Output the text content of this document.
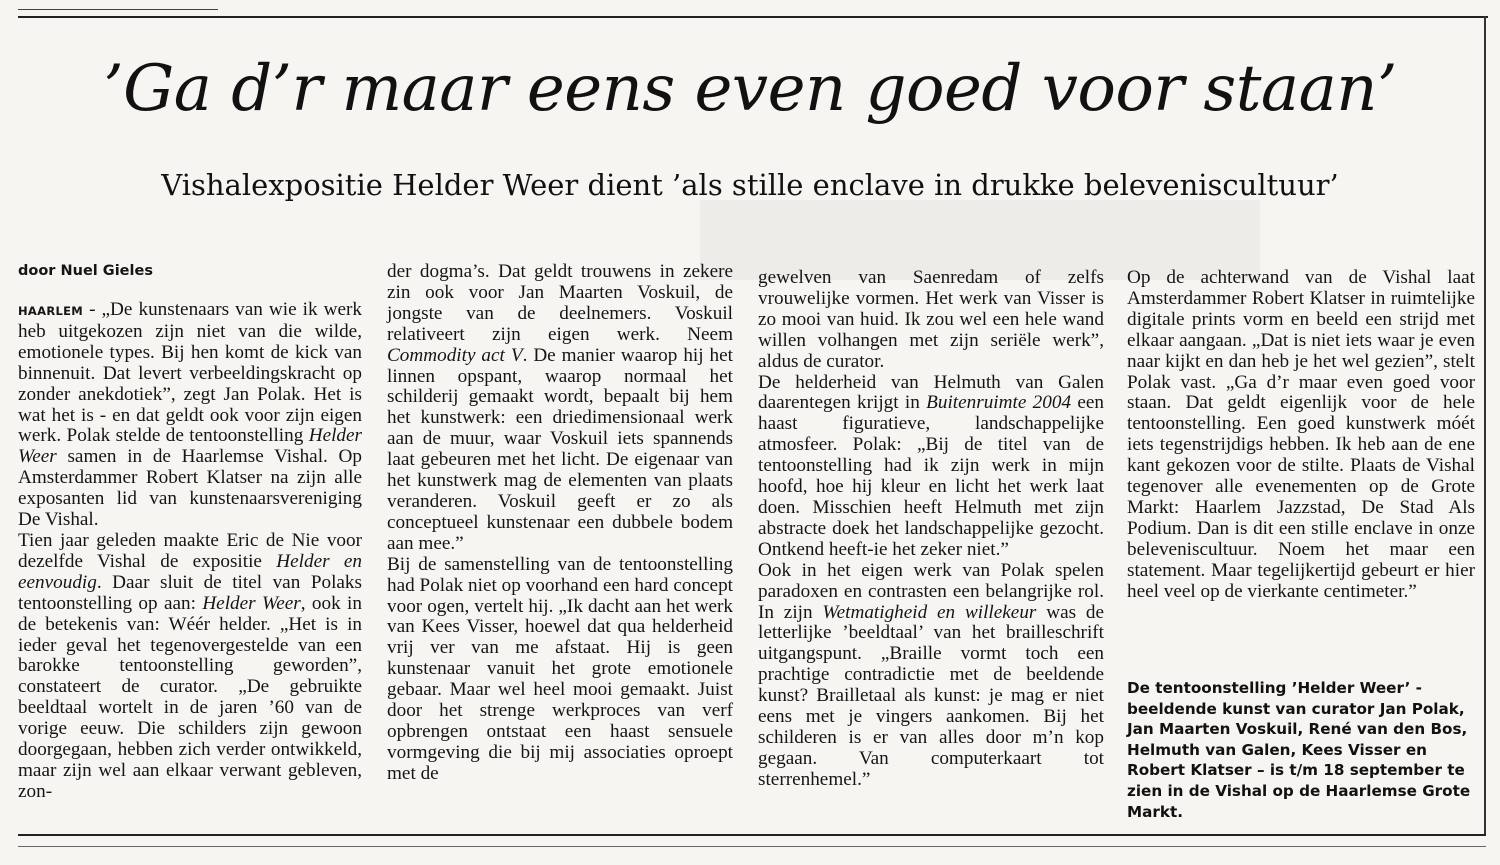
’Ga d’r maar eens even goed voor staan’
Vishalexpositie Helder Weer dient ’als stille enclave in drukke beleveniscultuur’
door Nuel Gieles

HAARLEM - „De kunstenaars van wie ik werk heb uitgekozen zijn niet van die wilde, emotionele types. Bij hen komt de kick van binnenuit. Dat levert verbeeldingskracht op zonder anekdotiek”, zegt Jan Polak. Het is wat het is - en dat geldt ook voor zijn eigen werk. Polak stelde de tentoonstelling Helder Weer samen in de Haarlemse Vishal. Op Amsterdammer Robert Klatser na zijn alle exposanten lid van kunstenaarsvereniging De Vishal.

Tien jaar geleden maakte Eric de Nie voor dezelfde Vishal de expositie Helder en eenvoudig. Daar sluit de titel van Polaks tentoonstelling op aan: Helder Weer, ook in de betekenis van: Wéér helder. „Het is in ieder geval het tegenovergestelde van een barokke tentoonstelling geworden”, constateert de curator. „De gebruikte beeldtaal wortelt in de jaren ’60 van de vorige eeuw. Die schilders zijn gewoon doorgegaan, hebben zich verder ontwikkeld, maar zijn wel aan elkaar verwant gebleven, zon-

der dogma’s. Dat geldt trouwens in zekere zin ook voor Jan Maarten Voskuil, de jongste van de deelnemers. Voskuil relativeert zijn eigen werk. Neem Commodity act V. De manier waarop hij het linnen opspant, waarop normaal het schilderij gemaakt wordt, bepaalt bij hem het kunstwerk: een driedimensionaal werk aan de muur, waar Voskuil iets spannends laat gebeuren met het licht. De eigenaar van het kunstwerk mag de elementen van plaats veranderen. Voskuil geeft er zo als conceptueel kunstenaar een dubbele bodem aan mee.”

Bij de samenstelling van de tentoonstelling had Polak niet op voorhand een hard concept voor ogen, vertelt hij. „Ik dacht aan het werk van Kees Visser, hoewel dat qua helderheid vrij ver van me afstaat. Hij is geen kunstenaar vanuit het grote emotionele gebaar. Maar wel heel mooi gemaakt. Juist door het strenge werkproces van verf opbrengen ontstaat een haast sensuele vormgeving die bij mij associaties oproept met de

gewelven van Saenredam of zelfs vrouwelijke vormen. Het werk van Visser is zo mooi van huid. Ik zou wel een hele wand willen volhangen met zijn seriële werk”, aldus de curator.

De helderheid van Helmuth van Galen daarentegen krijgt in Buitenruimte 2004 een haast figuratieve, landschappelijke atmosfeer. Polak: „Bij de titel van de tentoonstelling had ik zijn werk in mijn hoofd, hoe hij kleur en licht het werk laat doen. Misschien heeft Helmuth met zijn abstracte doek het landschappelijke gezocht. Ontkend heeft-ie het zeker niet.”

Ook in het eigen werk van Polak spelen paradoxen en contrasten een belangrijke rol. In zijn Wetmatigheid en willekeur was de letterlijke ’beeldtaal’ van het brailleschrift uitgangspunt. „Braille vormt toch een prachtige contradictie met de beeldende kunst? Brailletaal als kunst: je mag er niet eens met je vingers aankomen. Bij het schilderen is er van alles door m’n kop gegaan. Van computerkaart tot sterrenhemel.”

Op de achterwand van de Vishal laat Amsterdammer Robert Klatser in ruimtelijke digitale prints vorm en beeld een strijd met elkaar aangaan. „Dat is niet iets waar je even naar kijkt en dan heb je het wel gezien”, stelt Polak vast. „Ga d’r maar even goed voor staan. Dat geldt eigenlijk voor de hele tentoonstelling. Een goed kunstwerk móét iets tegenstrijdigs hebben. Ik heb aan de ene kant gekozen voor de stilte. Plaats de Vishal tegenover alle evenementen op de Grote Markt: Haarlem Jazzstad, De Stad Als Podium. Dan is dit een stille enclave in onze beleveniscultuur. Noem het maar een statement. Maar tegelijkertijd gebeurt er hier heel veel op de vierkante centimeter.”

De tentoonstelling ’Helder Weer’ - beeldende kunst van curator Jan Polak, Jan Maarten Voskuil, René van den Bos, Helmuth van Galen, Kees Visser en Robert Klatser – is t/m 18 september te zien in de Vishal op de Haarlemse Grote Markt.
